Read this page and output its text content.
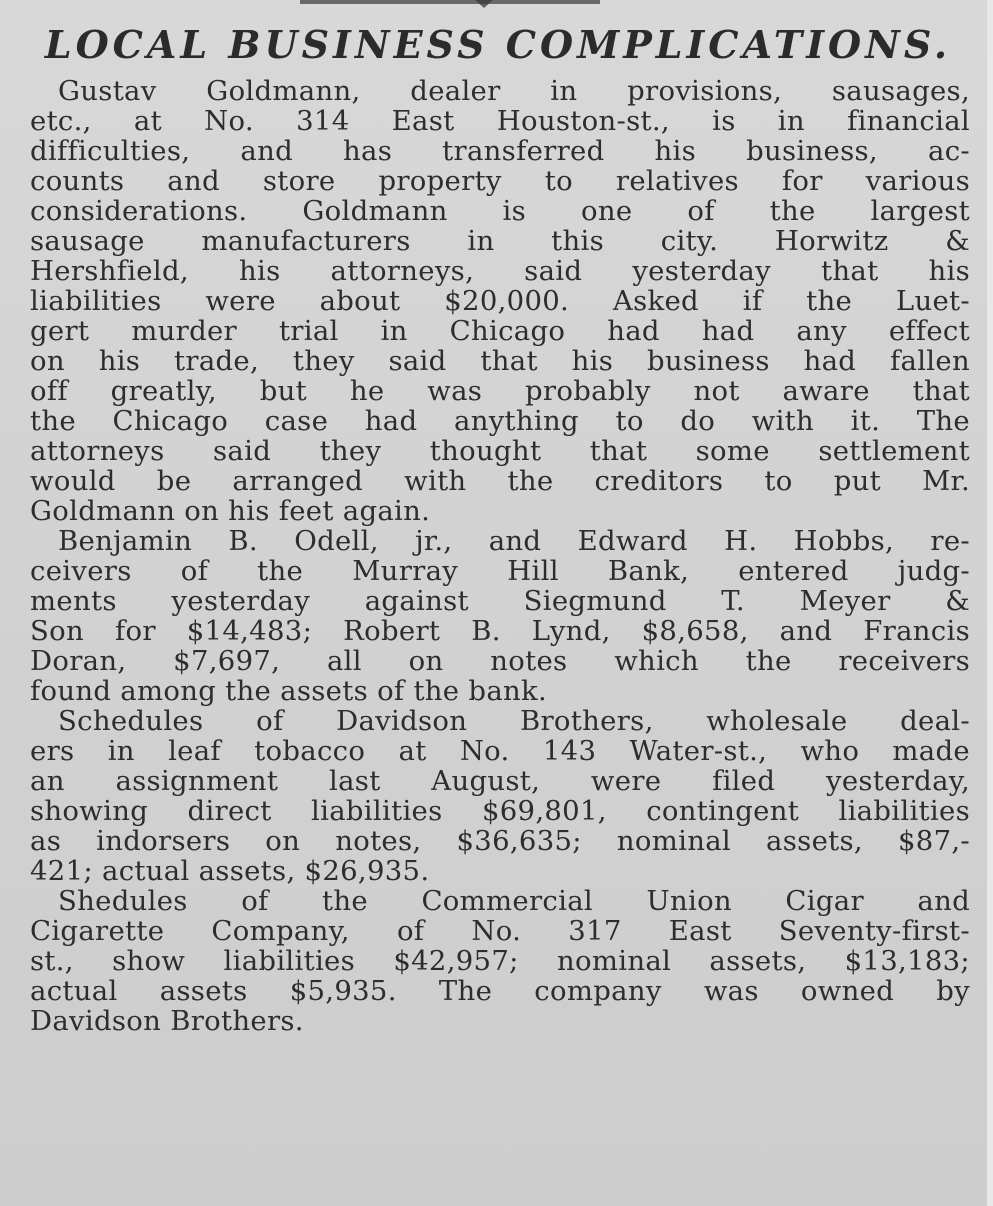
LOCAL BUSINESS COMPLICATIONS.
Gustav Goldmann, dealer in provisions, sausages,
etc., at No. 314 East Houston-st., is in financial
difficulties, and has transferred his business, ac-
counts and store property to relatives for various
considerations. Goldmann is one of the largest
sausage manufacturers in this city. Horwitz &
Hershfield, his attorneys, said yesterday that his
liabilities were about $20,000. Asked if the Luet-
gert murder trial in Chicago had had any effect
on his trade, they said that his business had fallen
off greatly, but he was probably not aware that
the Chicago case had anything to do with it. The
attorneys said they thought that some settlement
would be arranged with the creditors to put Mr.
Goldmann on his feet again.
Benjamin B. Odell, jr., and Edward H. Hobbs, re-
ceivers of the Murray Hill Bank, entered judg-
ments yesterday against Siegmund T. Meyer &
Son for $14,483; Robert B. Lynd, $8,658, and Francis
Doran, $7,697, all on notes which the receivers
found among the assets of the bank.
Schedules of Davidson Brothers, wholesale deal-
ers in leaf tobacco at No. 143 Water-st., who made
an assignment last August, were filed yesterday,
showing direct liabilities $69,801, contingent liabilities
as indorsers on notes, $36,635; nominal assets, $87,-
421; actual assets, $26,935.
Shedules of the Commercial Union Cigar and
Cigarette Company, of No. 317 East Seventy-first-
st., show liabilities $42,957; nominal assets, $13,183;
actual assets $5,935. The company was owned by
Davidson Brothers.
